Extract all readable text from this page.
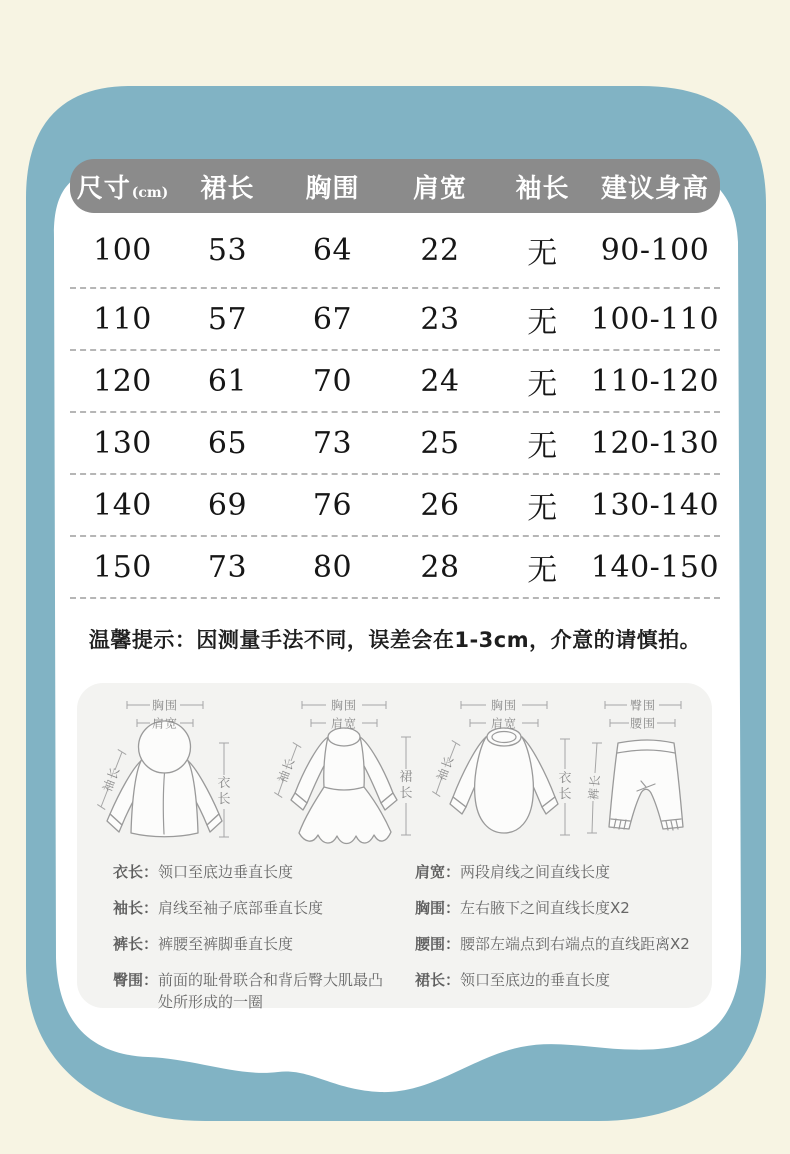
尺寸(cm)	裙长	胸围	肩宽	袖长	建议身高
100	53	64	22	无	90-100
110	57	67	23	无	100-110
120	61	70	24	无	110-120
130	65	73	25	无	120-130
140	69	76	26	无	130-140
150	73	80	28	无	140-150
温馨提示：因测量手法不同，误差会在1-3cm，介意的请慎拍。
胸围
肩宽
袖长	衣长
胸围
肩宽
袖长	裙长
胸围
肩宽
袖长	衣长
臀围
腰围
裤长
衣长： 领口至底边垂直长度
袖长： 肩线至袖子底部垂直长度
裤长： 裤腰至裤脚垂直长度
臀围： 前面的耻骨联合和背后臀大肌最凸处所形成的一圈
肩宽： 两段肩线之间直线长度
胸围： 左右腋下之间直线长度X2
腰围： 腰部左端点到右端点的直线距离X2
裙长： 领口至底边的垂直长度
